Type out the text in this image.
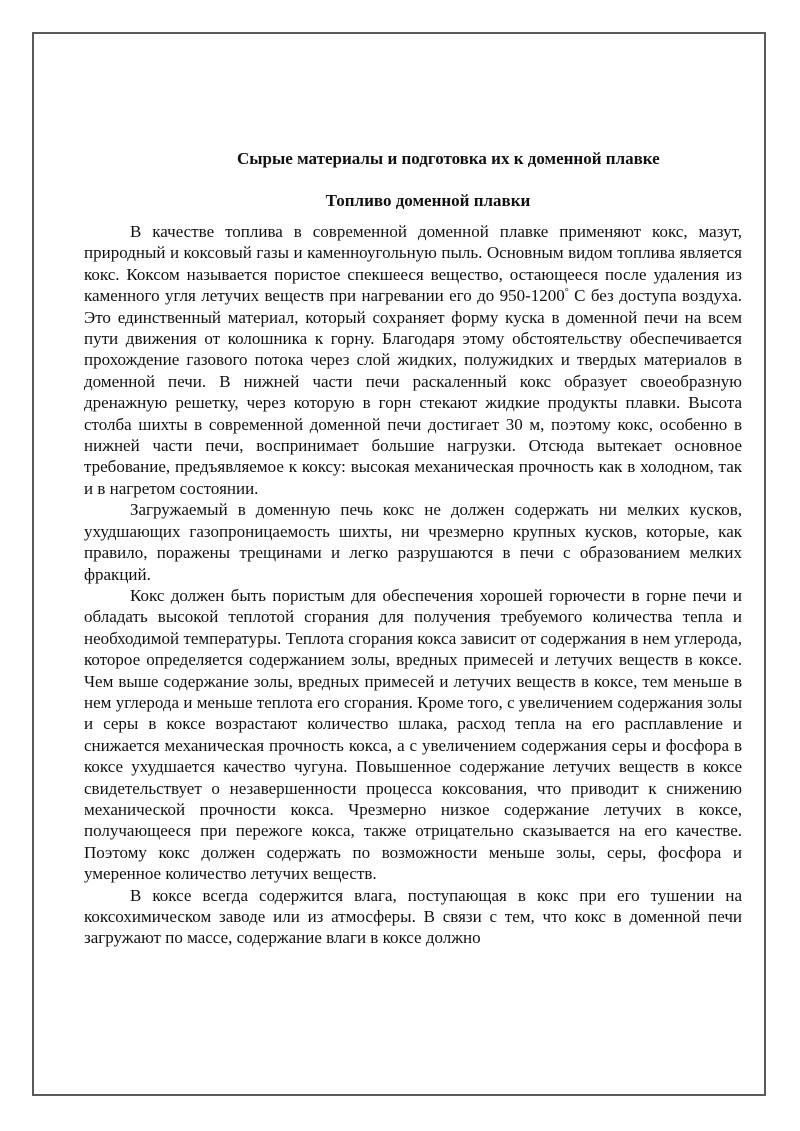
Сырые материалы и подготовка их к доменной плавке
Топливо доменной плавки

В качестве топлива в современной доменной плавке применяют кокс, мазут, природный и коксовый газы и каменноугольную пыль. Основным видом топлива является кокс. Коксом называется пористое спекшееся вещество, остающееся после удаления из каменного угля летучих веществ при нагревании его до 950-1200° С без доступа воздуха. Это единственный материал, который сохраняет форму куска в доменной печи на всем пути движения от колошника к горну. Благодаря этому обстоятельству обеспечивается прохождение газового потока через слой жидких, полужидких и твердых материалов в доменной печи. В нижней части печи раскаленный кокс образует своеобразную дренажную решетку, через которую в горн стекают жидкие продукты плавки. Высота столба шихты в современной доменной печи достигает 30 м, поэтому кокс, особенно в нижней части печи, воспринимает большие нагрузки. Отсюда вытекает основное требование, предъявляемое к коксу: высокая механическая прочность как в холодном, так и в нагретом состоянии.

Загружаемый в доменную печь кокс не должен содержать ни мелких кусков, ухудшающих газопроницаемость шихты, ни чрезмерно крупных кусков, которые, как правило, поражены трещинами и легко разрушаются в печи с образованием мелких фракций.

Кокс должен быть пористым для обеспечения хорошей горючести в горне печи и обладать высокой теплотой сгорания для получения требуемого количества тепла и необходимой температуры. Теплота сгорания кокса зависит от содержания в нем углерода, которое определяется содержанием золы, вредных примесей и летучих веществ в коксе. Чем выше содержание золы, вредных примесей и летучих веществ в коксе, тем меньше в нем углерода и меньше теплота его сгорания. Кроме того, с увеличением содержания золы и серы в коксе возрастают количество шлака, расход тепла на его расплавление и снижается механическая прочность кокса, а с увеличением содержания серы и фосфора в коксе ухудшается качество чугуна. Повышенное содержание летучих веществ в коксе свидетельствует о незавершенности процесса коксования, что приводит к снижению механической прочности кокса. Чрезмерно низкое содержание летучих в коксе, получающееся при пережоге кокса, также отрицательно сказывается на его качестве. Поэтому кокс должен содержать по возможности меньше золы, серы, фосфора и умеренное количество летучих веществ.

В коксе всегда содержится влага, поступающая в кокс при его тушении на коксохимическом заводе или из атмосферы. В связи с тем, что кокс в доменной печи загружают по массе, содержание влаги в коксе должно
